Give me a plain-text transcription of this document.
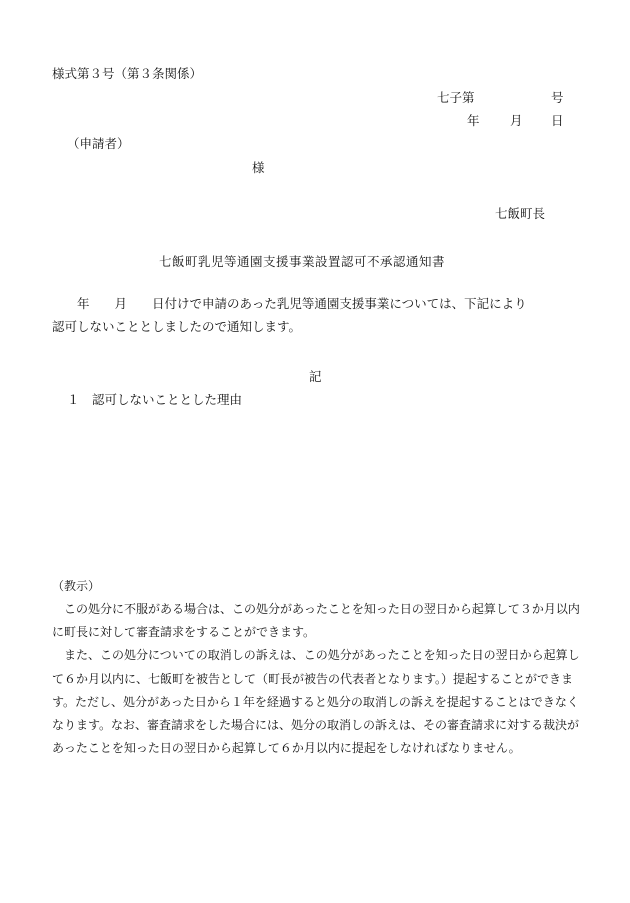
様式第３号（第３条関係）
七子第	号
年 月 日
（申請者）
様
七飯町長
七飯町乳児等通園支援事業設置認可不承認通知書

　　年　　月　　日付けで申請のあった乳児等通園支援事業については、下記により

認可しないこととしましたので通知します。

記
１　認可しないこととした理由
（教示）

　この処分に不服がある場合は、この処分があったことを知った日の翌日から起算して３か月以内に町長に対して審査請求をすることができます。

　また、この処分についての取消しの訴えは、この処分があったことを知った日の翌日から起算して６か月以内に、七飯町を被告として（町長が被告の代表者となります。）提起することができます。ただし、処分があった日から１年を経過すると処分の取消しの訴えを提起することはできなくなります。なお、審査請求をした場合には、処分の取消しの訴えは、その審査請求に対する裁決があったことを知った日の翌日から起算して６か月以内に提起をしなければなりません。
